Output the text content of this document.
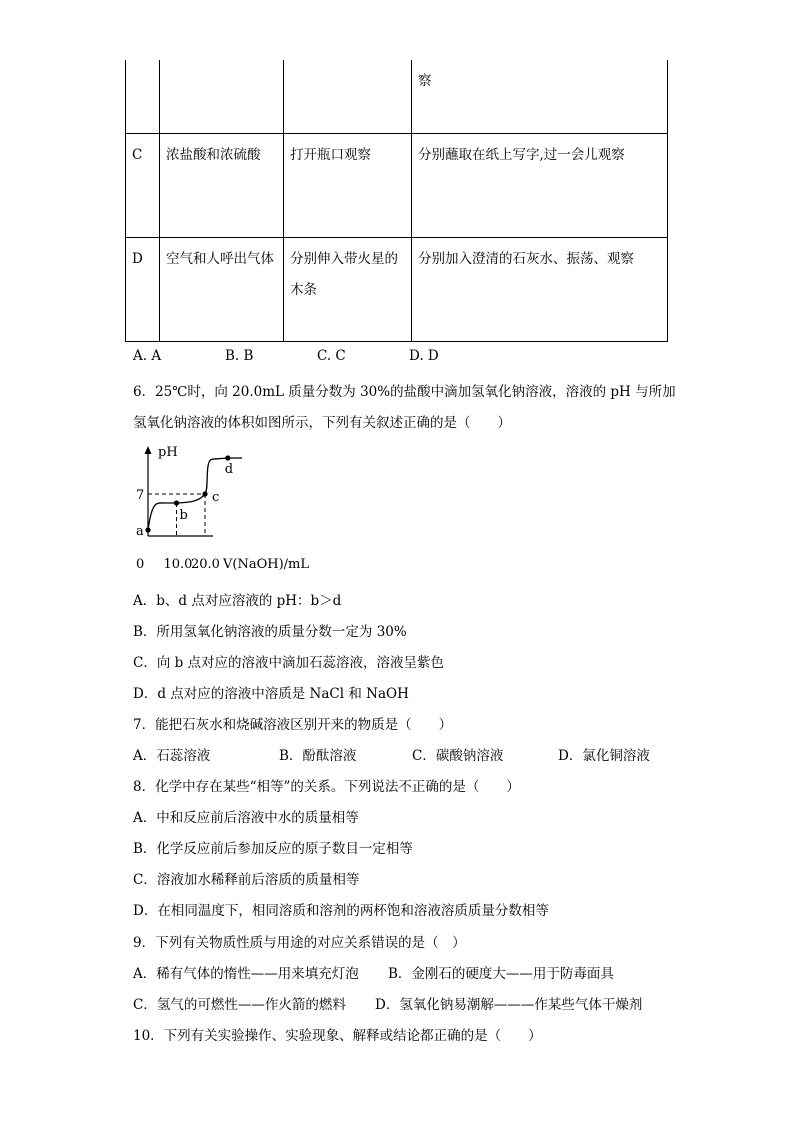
			察
C	浓盐酸和浓硫酸	打开瓶口观察	分别蘸取在纸上写字,过一会儿观察
D	空气和人呼出气体	分别伸入带火星的木条	分别加入澄清的石灰水、振荡、观察
A. A	B. B	C. C	D. D
6．25℃时，向 20.0mL 质量分数为 30%的盐酸中滴加氢氧化钠溶液，溶液的 pH 与所加
氢氧化钠溶液的体积如图所示，下列有关叙述正确的是（　　）
pH
0 10.0
20.0 V(NaOH)/mL
7
a
b
c
d
A．b、d 点对应溶液的 pH：b＞d
B．所用氢氧化钠溶液的质量分数一定为 30%
C．向 b 点对应的溶液中滴加石蕊溶液，溶液呈紫色
D．d 点对应的溶液中溶质是 NaCl 和 NaOH
7．能把石灰水和烧碱溶液区别开来的物质是（　　）
A．石蕊溶液	B．酚酞溶液	C．碳酸钠溶液	D．氯化铜溶液
8．化学中存在某些“相等”的关系。下列说法不正确的是（　　）
A．中和反应前后溶液中水的质量相等
B．化学反应前后参加反应的原子数目一定相等
C．溶液加水稀释前后溶质的质量相等
D．在相同温度下，相同溶质和溶剂的两杯饱和溶液溶质质量分数相等
9．下列有关物质性质与用途的对应关系错误的是（　）
A．稀有气体的惰性——用来填充灯泡 B．金刚石的硬度大——用于防毒面具
C．氢气的可燃性——作火箭的燃料 D．氢氧化钠易潮解———作某些气体干燥剂
10．下列有关实验操作、实验现象、解释或结论都正确的是（　　）
